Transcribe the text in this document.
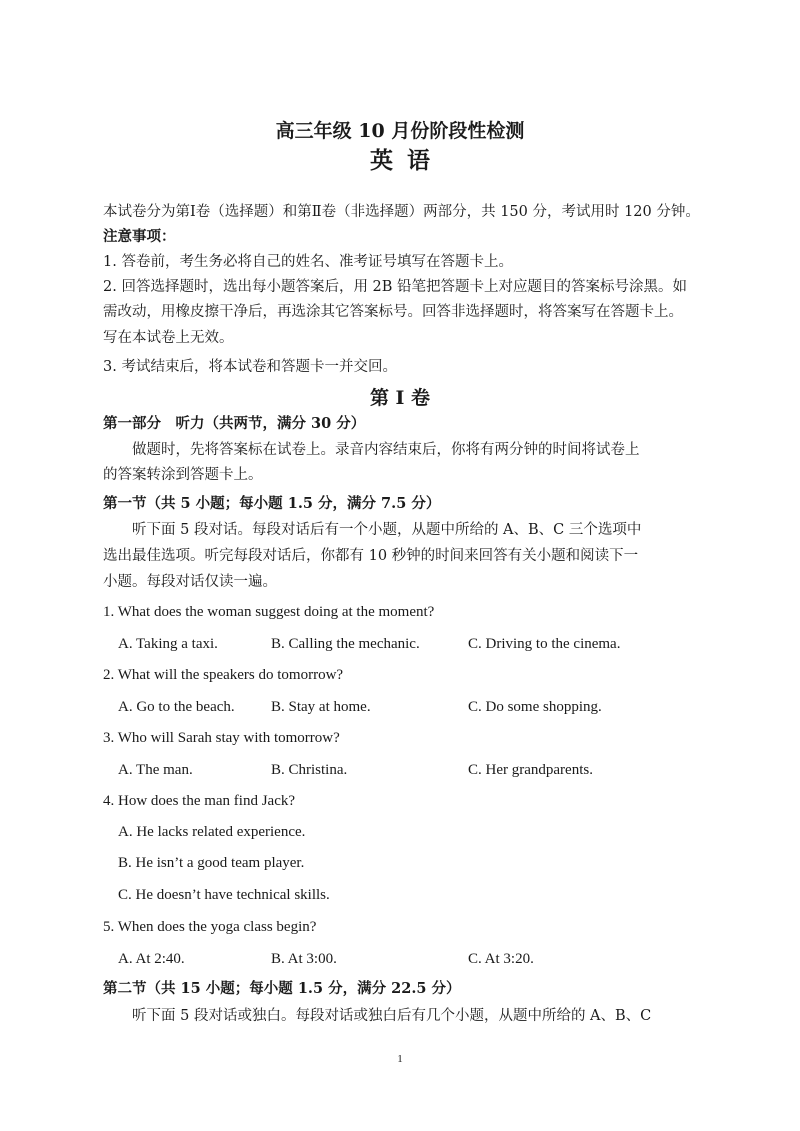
高三年级 10 月份阶段性检测
英语
本试卷分为第Ⅰ卷（选择题）和第Ⅱ卷（非选择题）两部分，共 150 分，考试用时 120 分钟。
注意事项：
1. 答卷前，考生务必将自己的姓名、准考证号填写在答题卡上。
2. 回答选择题时，选出每小题答案后，用 2B 铅笔把答题卡上对应题目的答案标号涂黑。如
需改动，用橡皮擦干净后，再选涂其它答案标号。回答非选择题时，将答案写在答题卡上。
写在本试卷上无效。
3. 考试结束后，将本试卷和答题卡一并交回。
第 I 卷
第一部分　听力（共两节，满分 30 分）
做题时，先将答案标在试卷上。录音内容结束后，你将有两分钟的时间将试卷上
的答案转涂到答题卡上。
第一节（共 5 小题；每小题 1.5 分，满分 7.5 分）
听下面 5 段对话。每段对话后有一个小题，从题中所给的 A、B、C 三个选项中
选出最佳选项。听完每段对话后，你都有 10 秒钟的时间来回答有关小题和阅读下一
小题。每段对话仅读一遍。
1. What does the woman suggest doing at the moment?
A. Taking a taxi.	B. Calling the mechanic.	C. Driving to the cinema.
2. What will the speakers do tomorrow?
A. Go to the beach. B. Stay at home.	C. Do some shopping.
3. Who will Sarah stay with tomorrow?
A. The man.	B. Christina.	C. Her grandparents.
4. How does the man find Jack?
A. He lacks related experience.
B. He isn’t a good team player.
C. He doesn’t have technical skills.
5. When does the yoga class begin?
A. At 2:40.	B. At 3:00.	C. At 3:20.
第二节（共 15 小题；每小题 1.5 分，满分 22.5 分）
听下面 5 段对话或独白。每段对话或独白后有几个小题，从题中所给的 A、B、C
1
